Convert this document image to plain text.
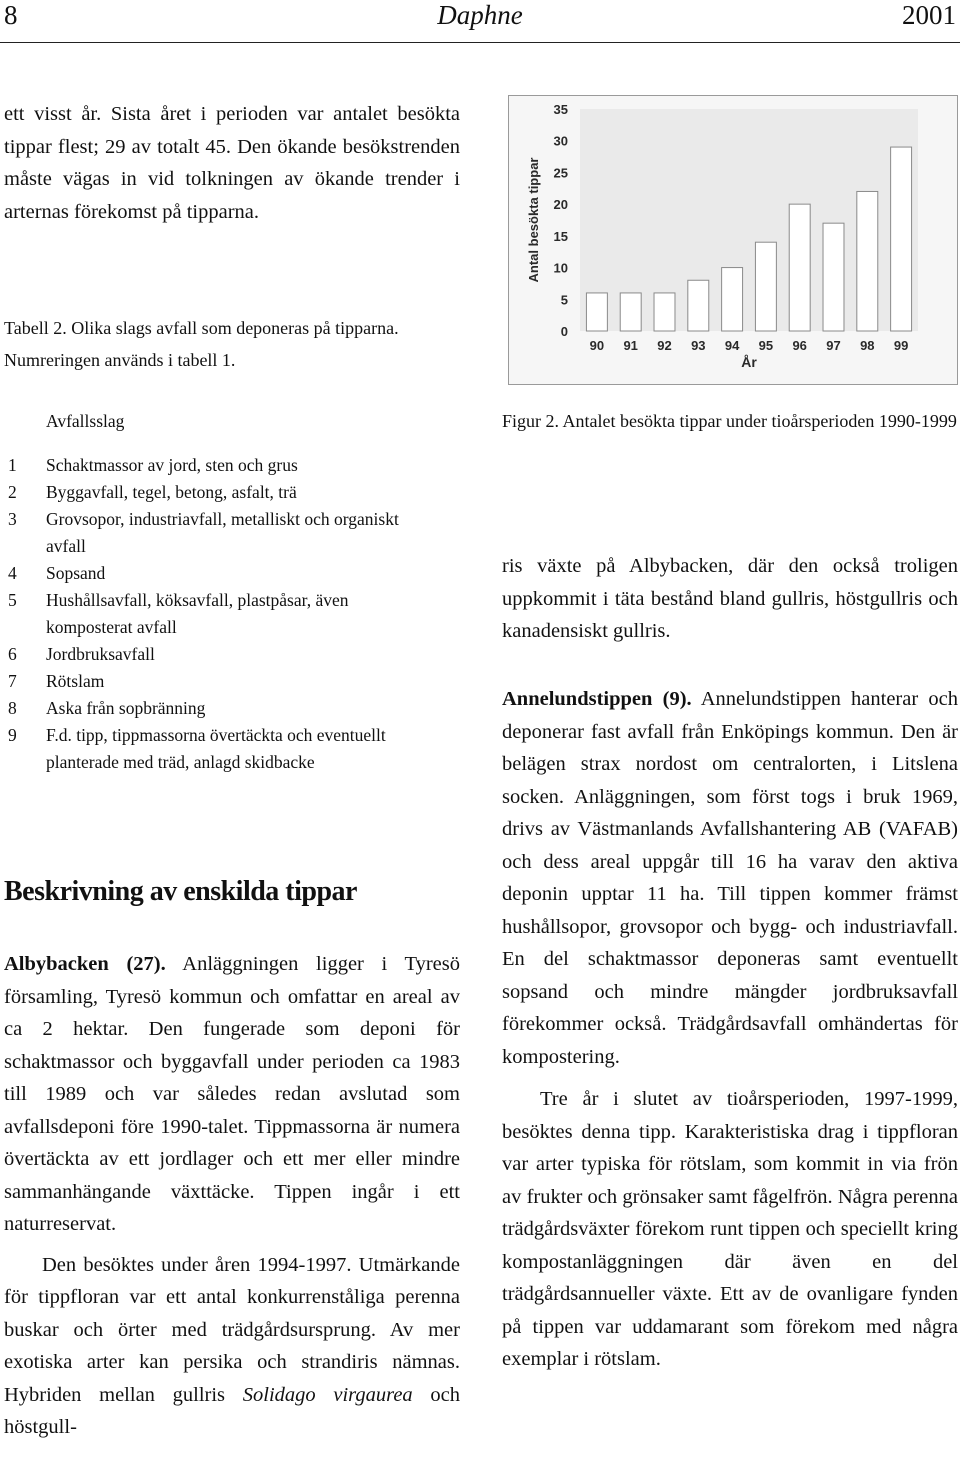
8	Daphne	2001

ett visst år. Sista året i perioden var antalet besökta tippar flest; 29 av totalt 45. Den ökande besökstrenden måste vägas in vid tolkningen av ökande trender i arternas förekomst på tipparna.

Tabell 2. Olika slags avfall som deponeras på tipparna. Numreringen används i tabell 1.

Avfallsslag
1	Schaktmassor av jord, sten och grus
2	Byggavfall, tegel, betong, asfalt, trä
3	Grovsopor, industriavfall, metalliskt och organiskt avfall
4	Sopsand
5	Hushållsavfall, köksavfall, plastpåsar, även komposterat avfall
6	Jordbruksavfall
7	Rötslam
8	Aska från sopbränning
9	F.d. tipp, tippmassorna övertäckta och eventuellt planterade med träd, anlagd skidbacke
Beskrivning av enskilda tippar

Albybacken (27). Anläggningen ligger i Tyresö församling, Tyresö kommun och omfattar en areal av ca 2 hektar. Den fungerade som deponi för schaktmassor och byggavfall under perioden ca 1983 till 1989 och var således redan avslutad som avfallsdeponi före 1990-talet. Tippmassorna är numera övertäckta av ett jordlager och ett mer eller mindre sammanhängande växttäcke. Tippen ingår i ett naturreservat.

Den besöktes under åren 1994-1997. Utmärkande för tippfloran var ett antal konkurrenståliga perenna buskar och örter med trädgårdsursprung. Av mer exotiska arter kan persika och strandiris nämnas. Hybriden mellan gullris Solidago virgaurea och höstgull-

0
5
10
15
20
25
30
35
Antal besökta tippar
90 91 92 93 94 95 96 97 98 99
År

Figur 2. Antalet besökta tippar under tioårsperioden 1990-1999

ris växte på Albybacken, där den också troligen uppkommit i täta bestånd bland gullris, höstgullris och kanadensiskt gullris.

Annelundstippen (9). Annelundstippen hanterar och deponerar fast avfall från Enköpings kommun. Den är belägen strax nordost om centralorten, i Litslena socken. Anläggningen, som först togs i bruk 1969, drivs av Västmanlands Avfallshantering AB (VAFAB) och dess areal uppgår till 16 ha varav den aktiva deponin upptar 11 ha. Till tippen kommer främst hushållsopor, grovsopor och bygg- och industriavfall. En del schaktmassor deponeras samt eventuellt sopsand och mindre mängder jordbruksavfall förekommer också. Trädgårdsavfall omhändertas för kompostering.

Tre år i slutet av tioårsperioden, 1997-1999, besöktes denna tipp. Karakteristiska drag i tippfloran var arter typiska för rötslam, som kommit in via frön av frukter och grönsaker samt fågelfrön. Några perenna trädgårdsväxter förekom runt tippen och speciellt kring kompostanläggningen där även en del trädgårdsannueller växte. Ett av de ovanligare fynden på tippen var uddamarant som förekom med några exemplar i rötslam.
